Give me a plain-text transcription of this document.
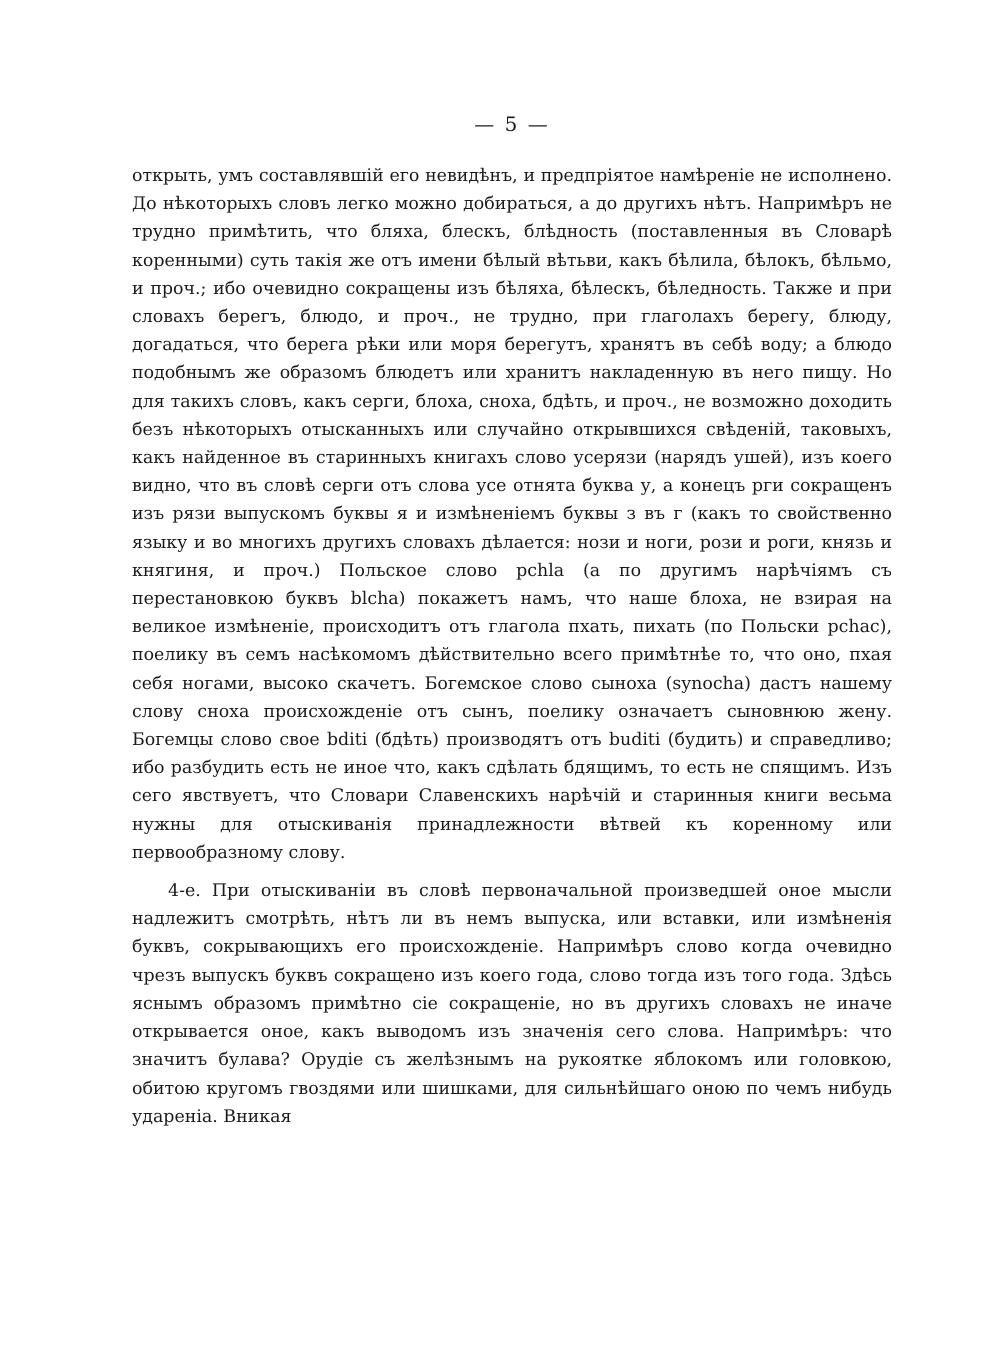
— 5 —

открыть, умъ составлявшій его невидѣнъ, и предпріятое намѣреніе не исполнено. До нѣкоторыхъ словъ легко можно добираться, а до другихъ нѣтъ. Напримѣръ не трудно примѣтить, что бляха, блескъ, блѣдность (поставленныя въ Словарѣ коренными) суть такія же отъ имени бѣлый вѣтьви, какъ бѣлила, бѣлокъ, бѣльмо, и проч.; ибо очевидно сокращены изъ бѣляха, бѣлескъ, бѣледность. Также и при словахъ берегъ, блюдо, и проч., не трудно, при глаголахъ берегу, блюду, догадаться, что берега рѣки или моря берегутъ, хранятъ въ себѣ воду; а блюдо подобнымъ же образомъ блюдетъ или хранитъ накладенную въ него пищу. Но для такихъ словъ, какъ серги, блоха, сноха, бдѣть, и проч., не возможно доходить безъ нѣкоторыхъ отысканныхъ или случайно открывшихся свѣденій, таковыхъ, какъ найденное въ старинныхъ книгахъ слово усерязи (нарядъ ушей), изъ коего видно, что въ словѣ серги отъ слова усе отнята буква у, а конецъ рги сокращенъ изъ рязи выпускомъ буквы я и измѣненіемъ буквы з въ г (какъ то свойственно языку и во многихъ другихъ словахъ дѣлается: нози и ноги, рози и роги, князь и княгиня, и проч.) Польское слово pchla (а по другимъ нарѣчіямъ съ перестановкою буквъ blcha) покажетъ намъ, что наше блоха, не взирая на великое измѣненіе, происходитъ отъ глагола пхать, пихать (по Польски pchac), поелику въ семъ насѣкомомъ дѣйствительно всего примѣтнѣе то, что оно, пхая себя ногами, высоко скачетъ. Богемское слово сыноха (synocha) дастъ нашему слову сноха происхожденіе отъ сынъ, поелику означаетъ сыновнюю жену. Богемцы слово свое bditi (бдѣть) производятъ отъ buditi (будить) и справедливо; ибо разбудить есть не иное что, какъ сдѣлать бдящимъ, то есть не спящимъ. Изъ сего явствуетъ, что Словари Славенскихъ нарѣчій и старинныя книги весьма нужны для отыскиванія принадлежности вѣтвей къ коренному или первообразному слову.

4-е. При отыскиваніи въ словѣ первоначальной произведшей оное мысли надлежитъ смотрѣть, нѣтъ ли въ немъ выпуска, или вставки, или измѣненія буквъ, сокрывающихъ его происхожденіе. Напримѣръ слово когда очевидно чрезъ выпускъ буквъ сокращено изъ коего года, слово тогда изъ того года. Здѣсь яснымъ образомъ примѣтно сіе сокращеніе, но въ другихъ словахъ не иначе открывается оное, какъ выводомъ изъ значенія сего слова. Напримѣръ: что значитъ булава? Орудіе съ желѣзнымъ на рукоятке яблокомъ или головкою, обитою кругомъ гвоздями или шишками, для сильнѣйшаго оною по чемъ нибудь удареніа. Вникая
